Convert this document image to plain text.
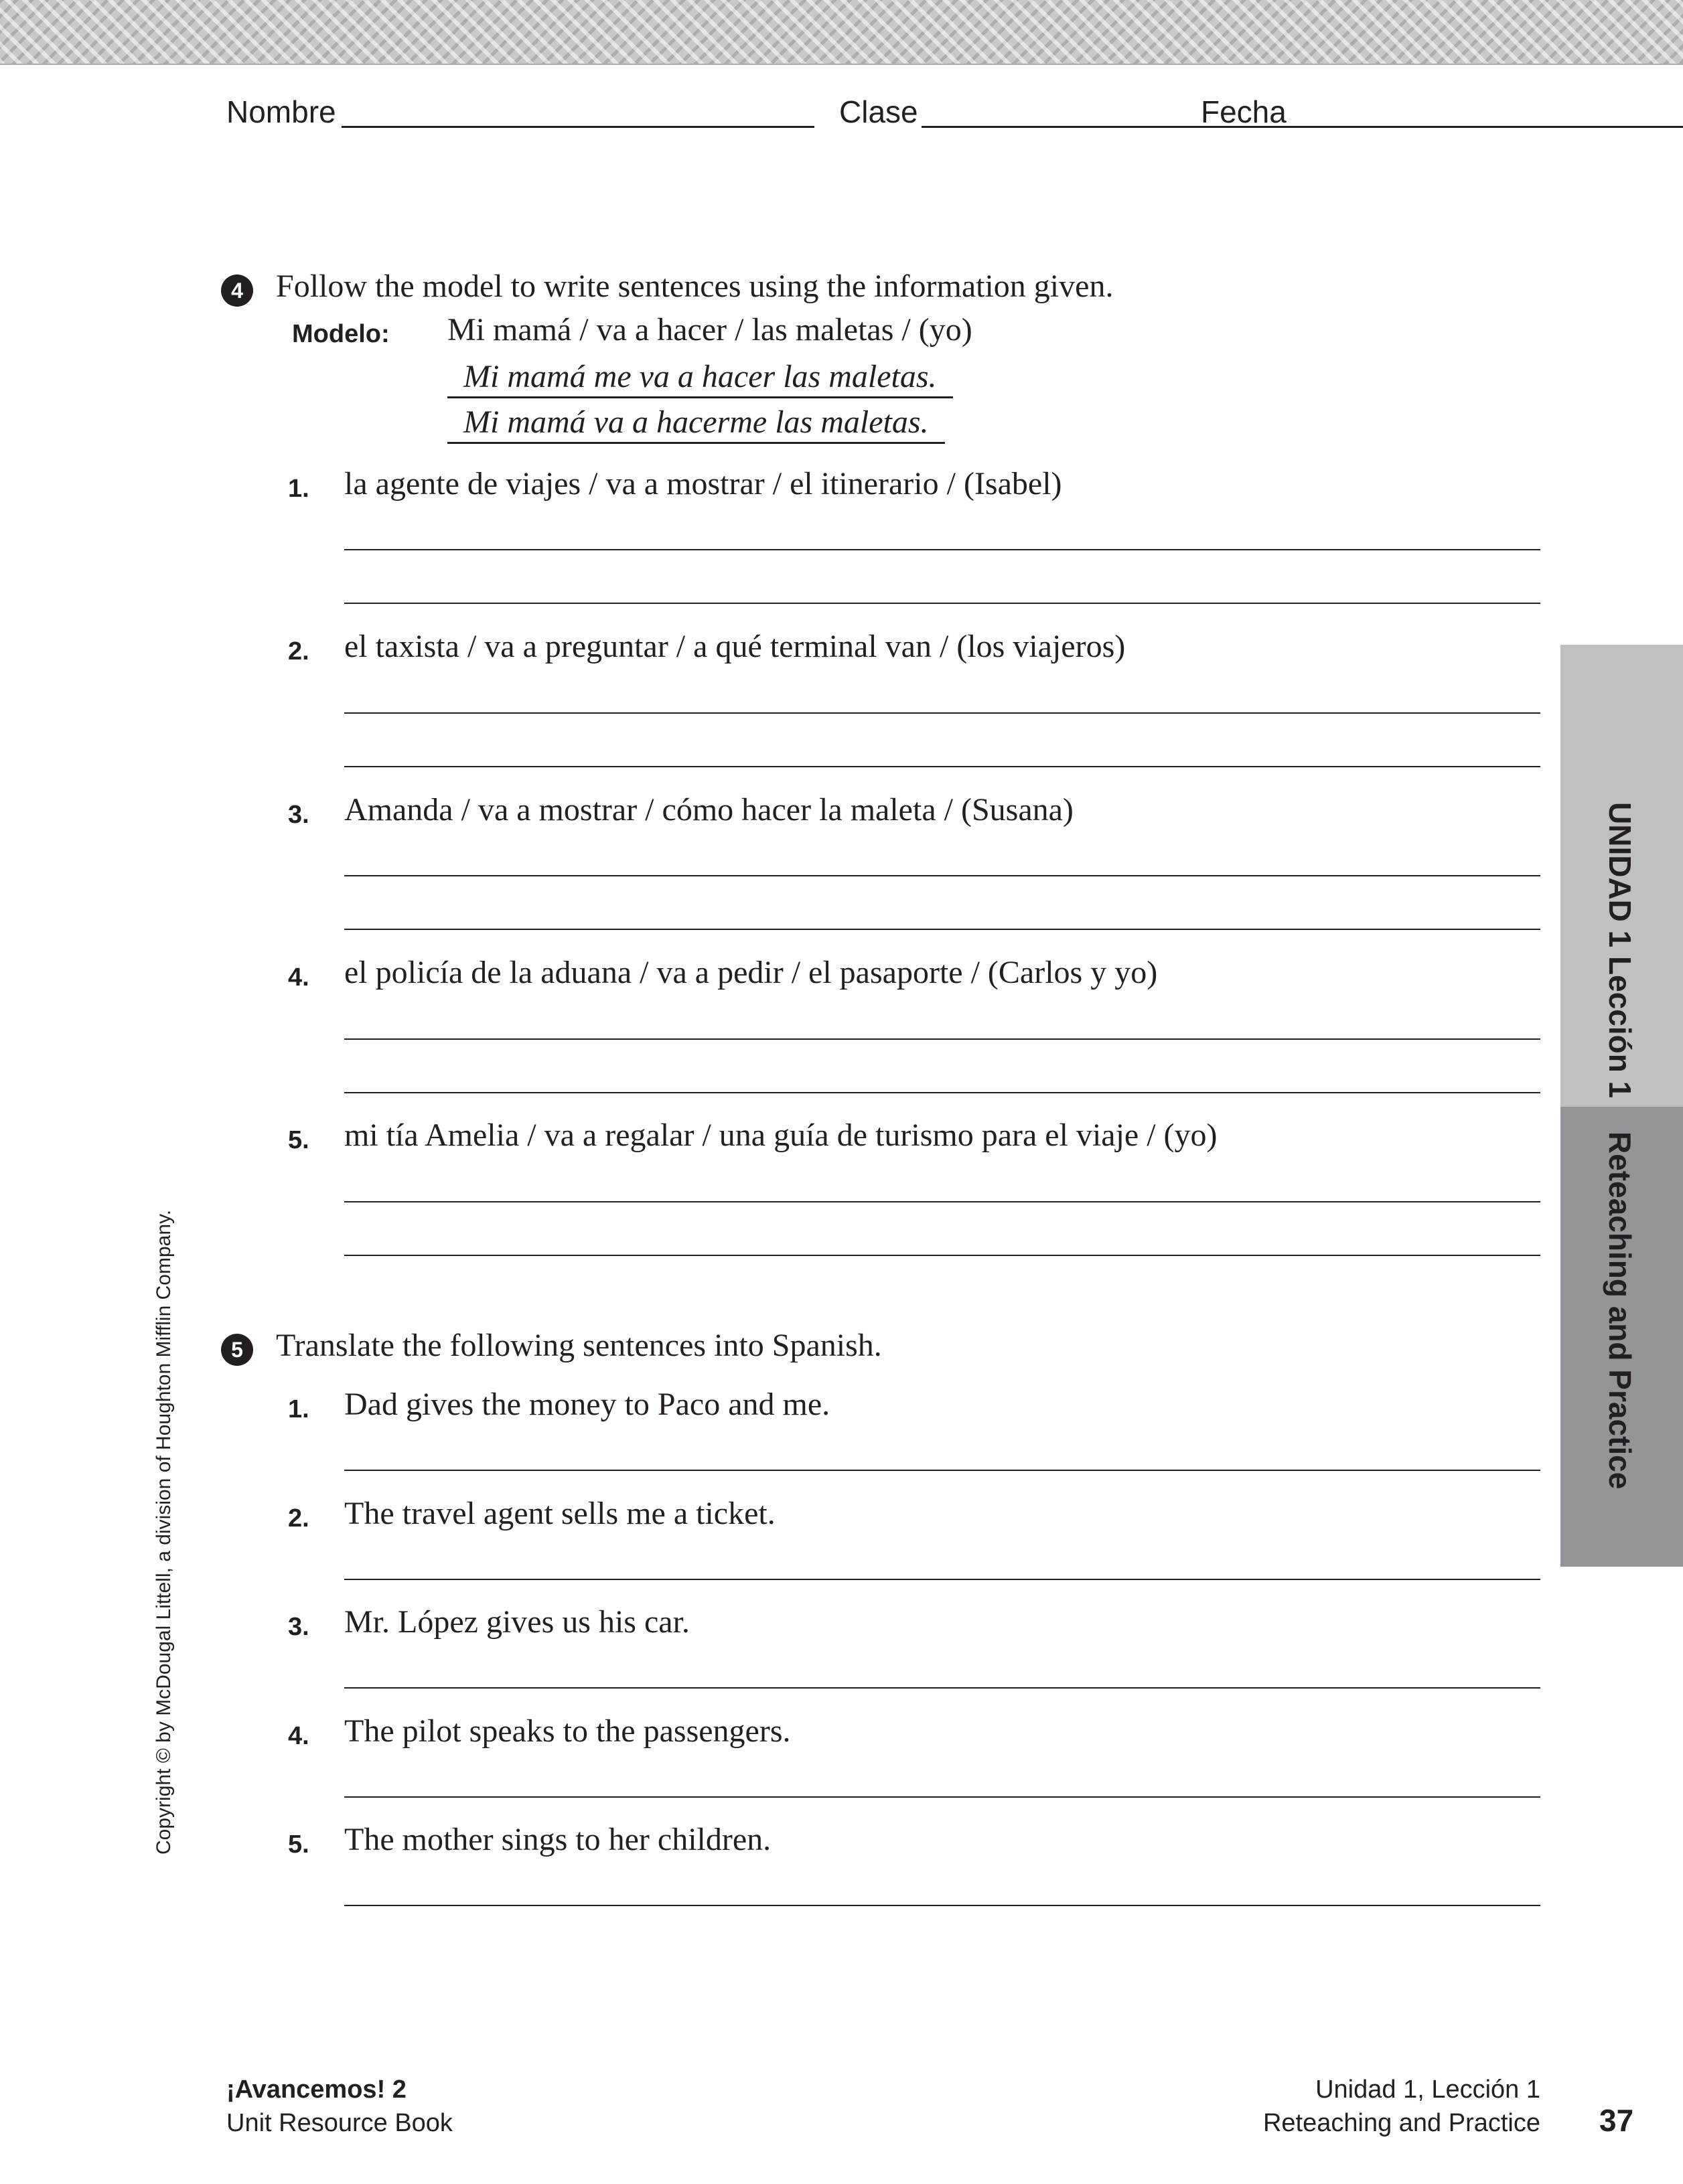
Nombre	Clase	Fecha
4	Follow the model to write sentences using the information given.
Modelo: Mi mamá / va a hacer / las maletas / (yo)
Mi mamá me va a hacer las maletas.
Mi mamá va a hacerme las maletas.
1. la agente de viajes / va a mostrar / el itinerario / (Isabel)
2. el taxista / va a preguntar / a qué terminal van / (los viajeros)
3. Amanda / va a mostrar / cómo hacer la maleta / (Susana)
4. el policía de la aduana / va a pedir / el pasaporte / (Carlos y yo)
5. mi tía Amelia / va a regalar / una guía de turismo para el viaje / (yo)
5	Translate the following sentences into Spanish.
1. Dad gives the money to Paco and me.
2. The travel agent sells me a ticket.
3. Mr. López gives us his car.
4. The pilot speaks to the passengers.
5. The mother sings to her children.
UNIDAD 1 Lección 1
Reteaching and Practice
Copyright © by McDougal Littell, a division of Houghton Mifflin Company.
¡Avancemos! 2
Unit Resource Book
Unidad 1, Lección 1
Reteaching and Practice 37
